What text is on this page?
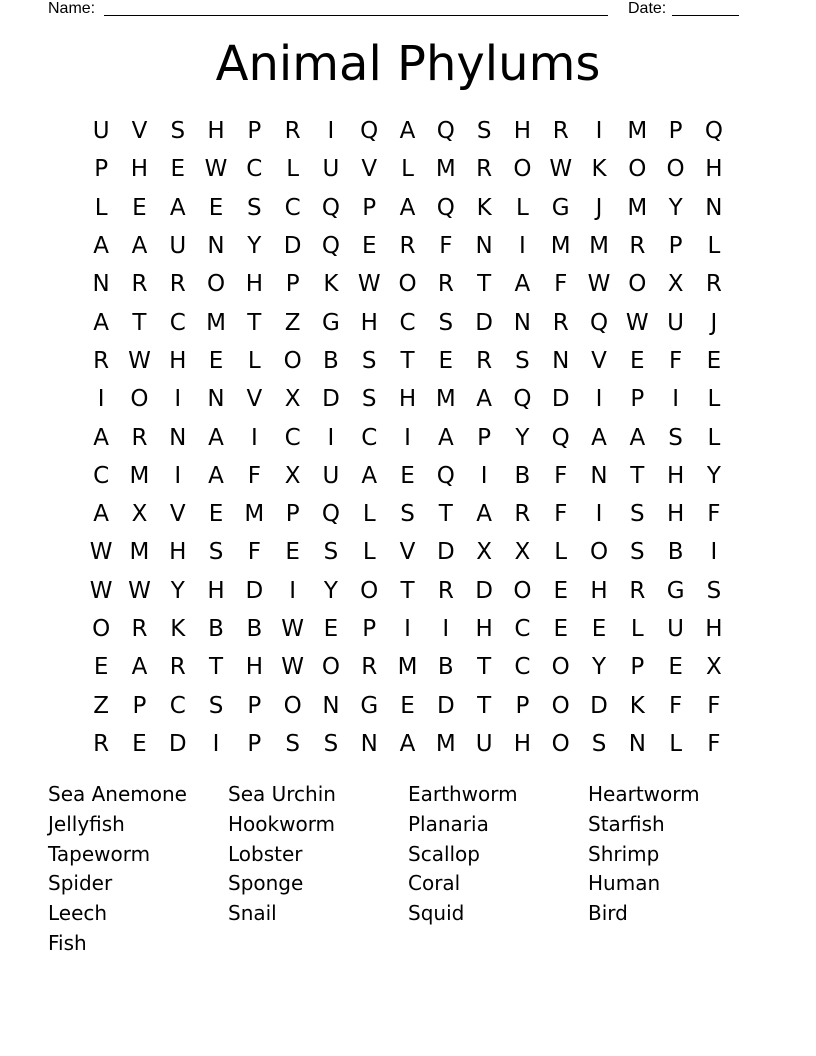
Name:	Date:
Animal Phylums
U V	S H P	R	I	Q A Q S H R	I	M P Q
P H E W C	L	U V	L M R O W K O O H
L	E	A	E	S C Q P	A Q K	L G	J	M Y N
A A U N Y D Q E	R	F	N	I	M M R	P	L
N R R O H P	K W O R	T	A	F W O X R
A	T	C M T	Z G H C S D N R Q W U	J
R W H E	L O B	S	T	E	R	S N V	E	F	E
I	O	I	N V X D S H M A Q D	I	P	I	L
A R N A	I	C	I	C	I	A	P	Y Q A A	S	L
C M	I	A	F	X U A	E Q	I	B	F	N T H Y
A X V	E M P Q L	S	T	A R	F	I	S H	F
W M H S	F	E	S	L	V D X X	L O S	B	I
W W Y H D	I	Y O T	R D O E H R G S
O R K B B W E	P	I	I	H C	E	E	L	U H
E	A R	T H W O R M B	T	C O Y	P	E	X
Z	P	C S	P O N G E D T	P O D K	F	F
R	E D	I	P	S	S N A M U H O S N	L	F
Sea Anemone	Sea Urchin	Earthworm	Heartworm
Jellyfish	Hookworm	Planaria	Starfish
Tapeworm	Lobster	Scallop	Shrimp
Spider	Sponge	Coral	Human
Leech	Snail	Squid	Bird
Fish
